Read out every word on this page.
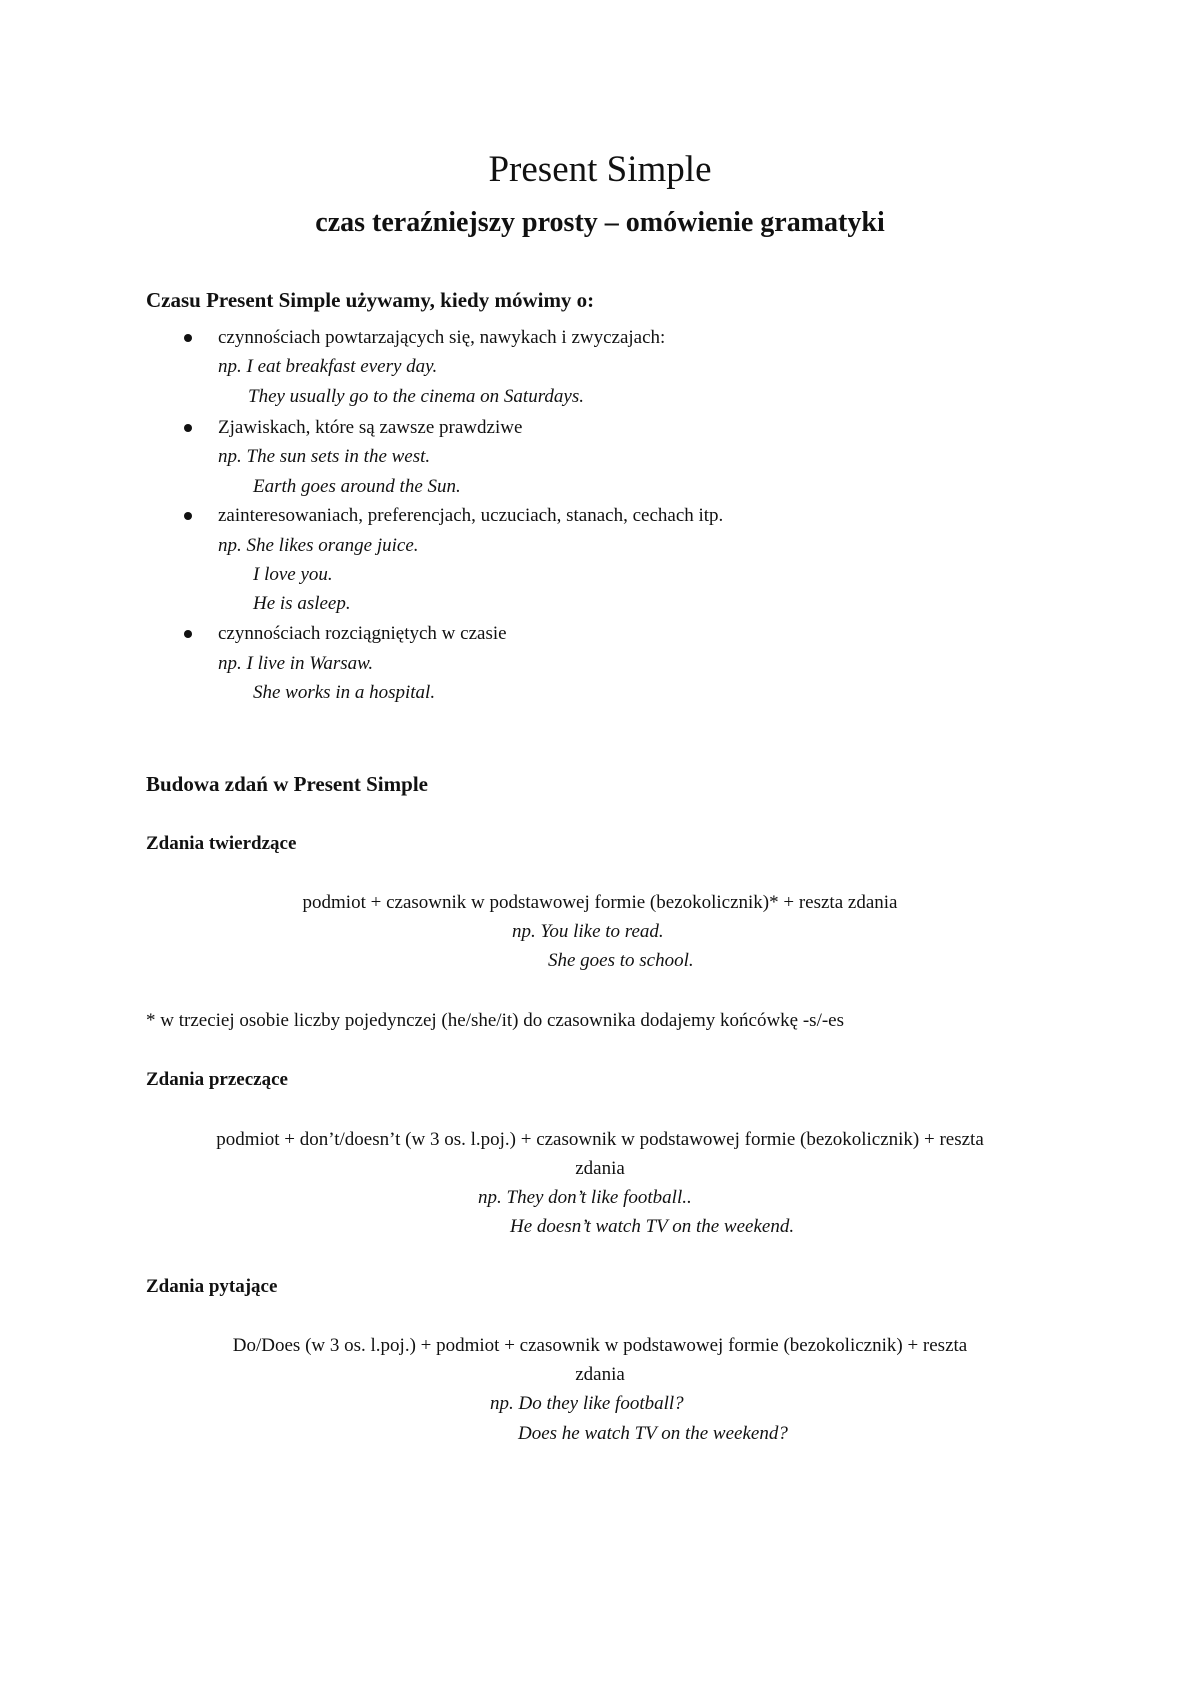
Present Simple
czas teraźniejszy prosty – omówienie gramatyki
Czasu Present Simple używamy, kiedy mówimy o:

czynnościach powtarzających się, nawykach i zwyczajach:

np. I eat breakfast every day.

They usually go to the cinema on Saturdays.

Zjawiskach, które są zawsze prawdziwe

np. The sun sets in the west.

Earth goes around the Sun.

zainteresowaniach, preferencjach, uczuciach, stanach, cechach itp.

np. She likes orange juice.

I love you.

He is asleep.

czynnościach rozciągniętych w czasie

np. I live in Warsaw.

She works in a hospital.

Budowa zdań w Present Simple
Zdania twierdzące

podmiot + czasownik w podstawowej formie (bezokolicznik)* + reszta zdania

np. You like to read.

She goes to school.

* w trzeciej osobie liczby pojedynczej (he/she/it) do czasownika dodajemy końcówkę -s/-es

Zdania przeczące

podmiot + don’t/doesn’t (w 3 os. l.poj.) + czasownik w podstawowej formie (bezokolicznik) + reszta

zdania

np. They don’t like football..

He doesn’t watch TV on the weekend.

Zdania pytające

Do/Does (w 3 os. l.poj.) + podmiot + czasownik w podstawowej formie (bezokolicznik) + reszta

zdania

np. Do they like football?

Does he watch TV on the weekend?
